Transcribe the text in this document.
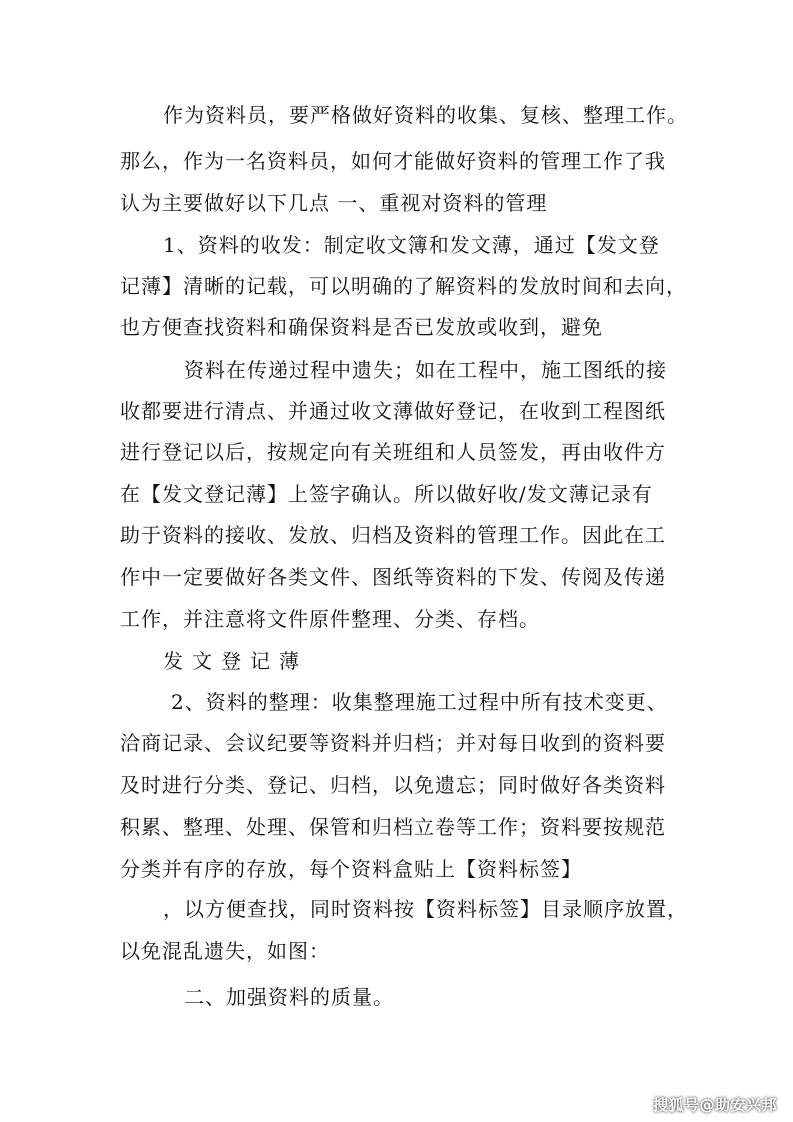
作为资料员，要严格做好资料的收集、复核、整理工作。
那么，作为一名资料员，如何才能做好资料的管理工作了我
认为主要做好以下几点 一、重视对资料的管理
1、资料的收发：制定收文簿和发文薄，通过【发文登
记薄】清晰的记载，可以明确的了解资料的发放时间和去向，
也方便查找资料和确保资料是否已发放或收到，避免
资料在传递过程中遗失；如在工程中，施工图纸的接
收都要进行清点、并通过收文薄做好登记，在收到工程图纸
进行登记以后，按规定向有关班组和人员签发，再由收件方
在【发文登记薄】上签字确认。所以做好收/发文薄记录有
助于资料的接收、发放、归档及资料的管理工作。因此在工
作中一定要做好各类文件、图纸等资料的下发、传阅及传递
工作，并注意将文件原件整理、分类、存档。
发文登记薄
2、资料的整理：收集整理施工过程中所有技术变更、
洽商记录、会议纪要等资料并归档；并对每日收到的资料要
及时进行分类、登记、归档，以免遗忘；同时做好各类资料
积累、整理、处理、保管和归档立卷等工作；资料要按规范
分类并有序的存放，每个资料盒贴上【资料标签】
，以方便查找，同时资料按【资料标签】目录顺序放置，
以免混乱遗失，如图：
二、加强资料的质量。
搜狐号@助安兴邦
